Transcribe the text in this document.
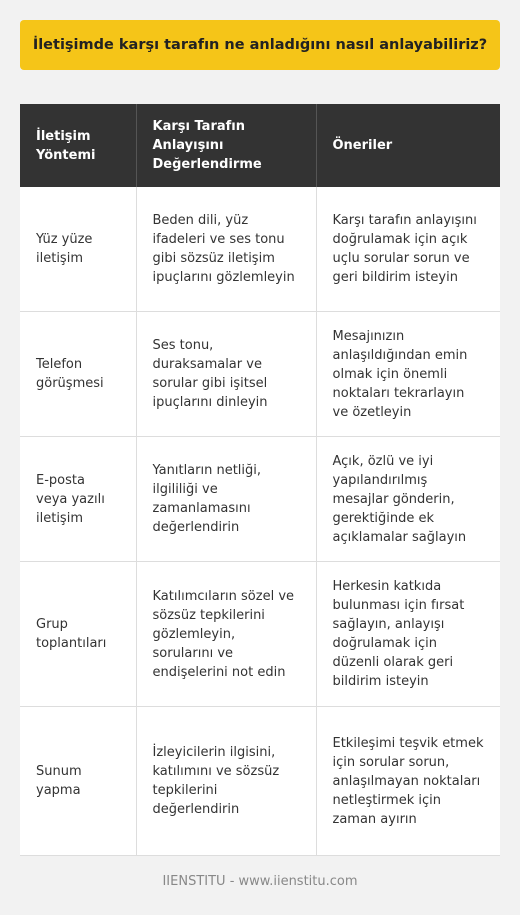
İletişimde karşı tarafın ne anladığını nasıl anlayabiliriz?
İletişim Yöntemi	Karşı Tarafın Anlayışını Değerlendirme	Öneriler
Yüz yüze iletişim	Beden dili, yüz ifadeleri ve ses tonu gibi sözsüz iletişim ipuçlarını gözlemleyin	Karşı tarafın anlayışını doğrulamak için açık uçlu sorular sorun ve geri bildirim isteyin
Telefon görüşmesi	Ses tonu, duraksamalar ve sorular gibi işitsel ipuçlarını dinleyin	Mesajınızın anlaşıldığından emin olmak için önemli noktaları tekrarlayın ve özetleyin
E-posta veya yazılı iletişim	Yanıtların netliği, ilgililiği ve zamanlamasını değerlendirin	Açık, özlü ve iyi yapılandırılmış mesajlar gönderin, gerektiğinde ek açıklamalar sağlayın
Grup toplantıları	Katılımcıların sözel ve sözsüz tepkilerini gözlemleyin, sorularını ve endişelerini not edin	Herkesin katkıda bulunması için fırsat sağlayın, anlayışı doğrulamak için düzenli olarak geri bildirim isteyin
Sunum yapma	İzleyicilerin ilgisini, katılımını ve sözsüz tepkilerini değerlendirin	Etkileşimi teşvik etmek için sorular sorun, anlaşılmayan noktaları netleştirmek için zaman ayırın
IIENSTITU - www.iienstitu.com
